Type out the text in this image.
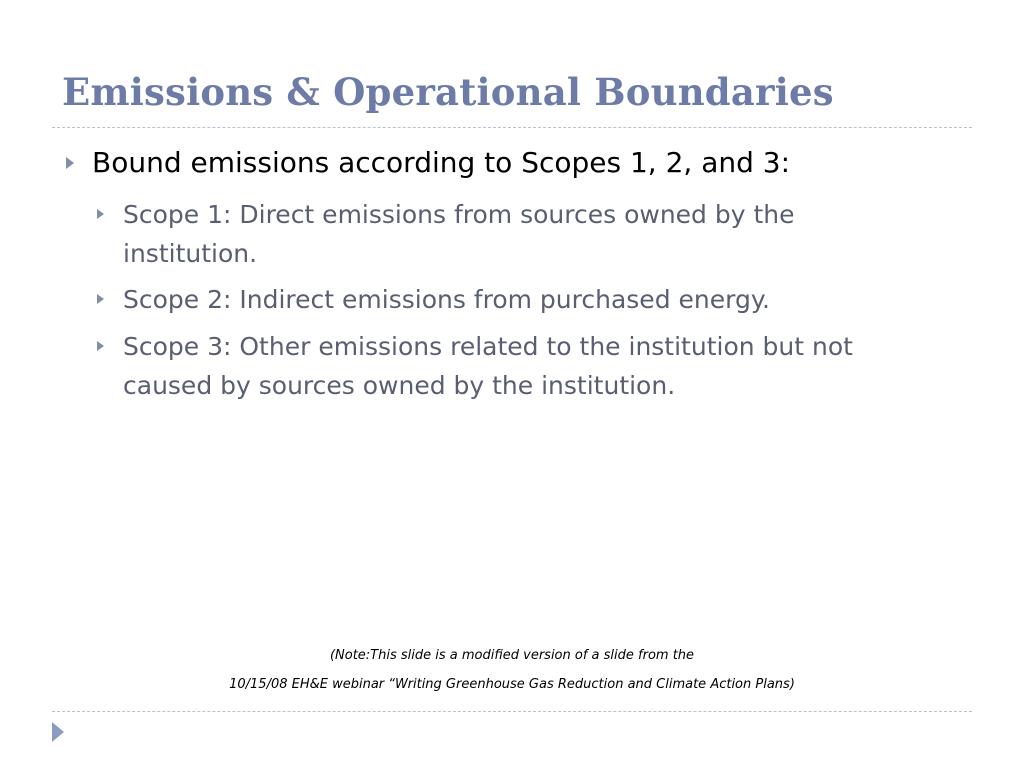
Emissions & Operational Boundaries
Bound emissions according to Scopes 1, 2, and 3:
Scope 1: Direct emissions from sources owned by the institution.
Scope 2: Indirect emissions from purchased energy.
Scope 3: Other emissions related to the institution but not caused by sources owned by the institution.
(Note:This slide is a modified version of a slide from the
10/15/08 EH&E webinar “Writing Greenhouse Gas Reduction and Climate Action Plans)
